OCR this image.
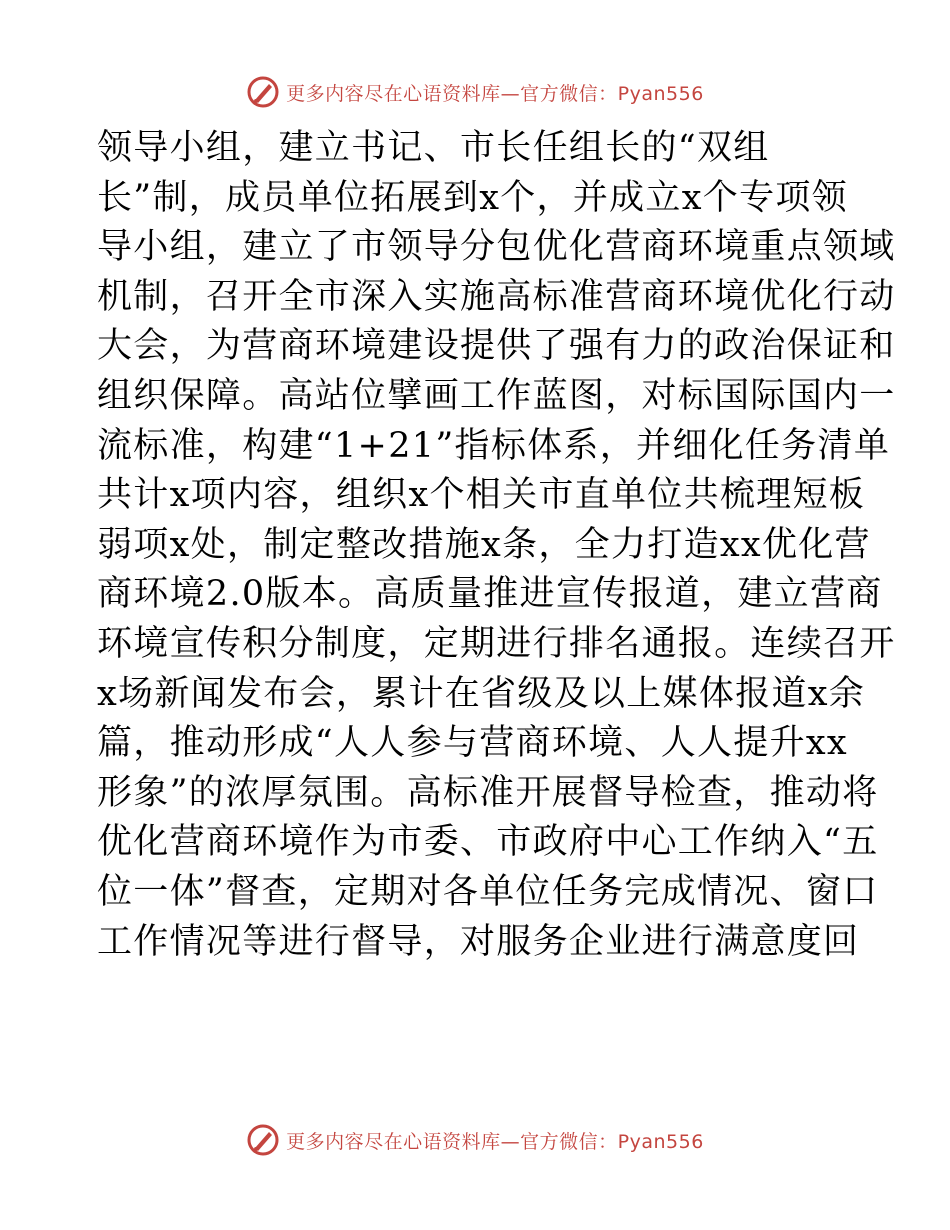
更多内容尽在心语资料库—官方微信：Pyan556
领导小组，建立书记、市长任组长的“双组
长”制，成员单位拓展到x个，并成立x个专项领
导小组，建立了市领导分包优化营商环境重点领域
机制，召开全市深入实施高标准营商环境优化行动
大会，为营商环境建设提供了强有力的政治保证和
组织保障。高站位擘画工作蓝图，对标国际国内一
流标准，构建“1+21”指标体系，并细化任务清单
共计x项内容，组织x个相关市直单位共梳理短板
弱项x处，制定整改措施x条，全力打造xx优化营
商环境2.0版本。高质量推进宣传报道，建立营商
环境宣传积分制度，定期进行排名通报。连续召开
x场新闻发布会，累计在省级及以上媒体报道x余
篇，推动形成“人人参与营商环境、人人提升xx
形象”的浓厚氛围。高标准开展督导检查，推动将
优化营商环境作为市委、市政府中心工作纳入“五
位一体”督查，定期对各单位任务完成情况、窗口
工作情况等进行督导，对服务企业进行满意度回
更多内容尽在心语资料库—官方微信：Pyan556
